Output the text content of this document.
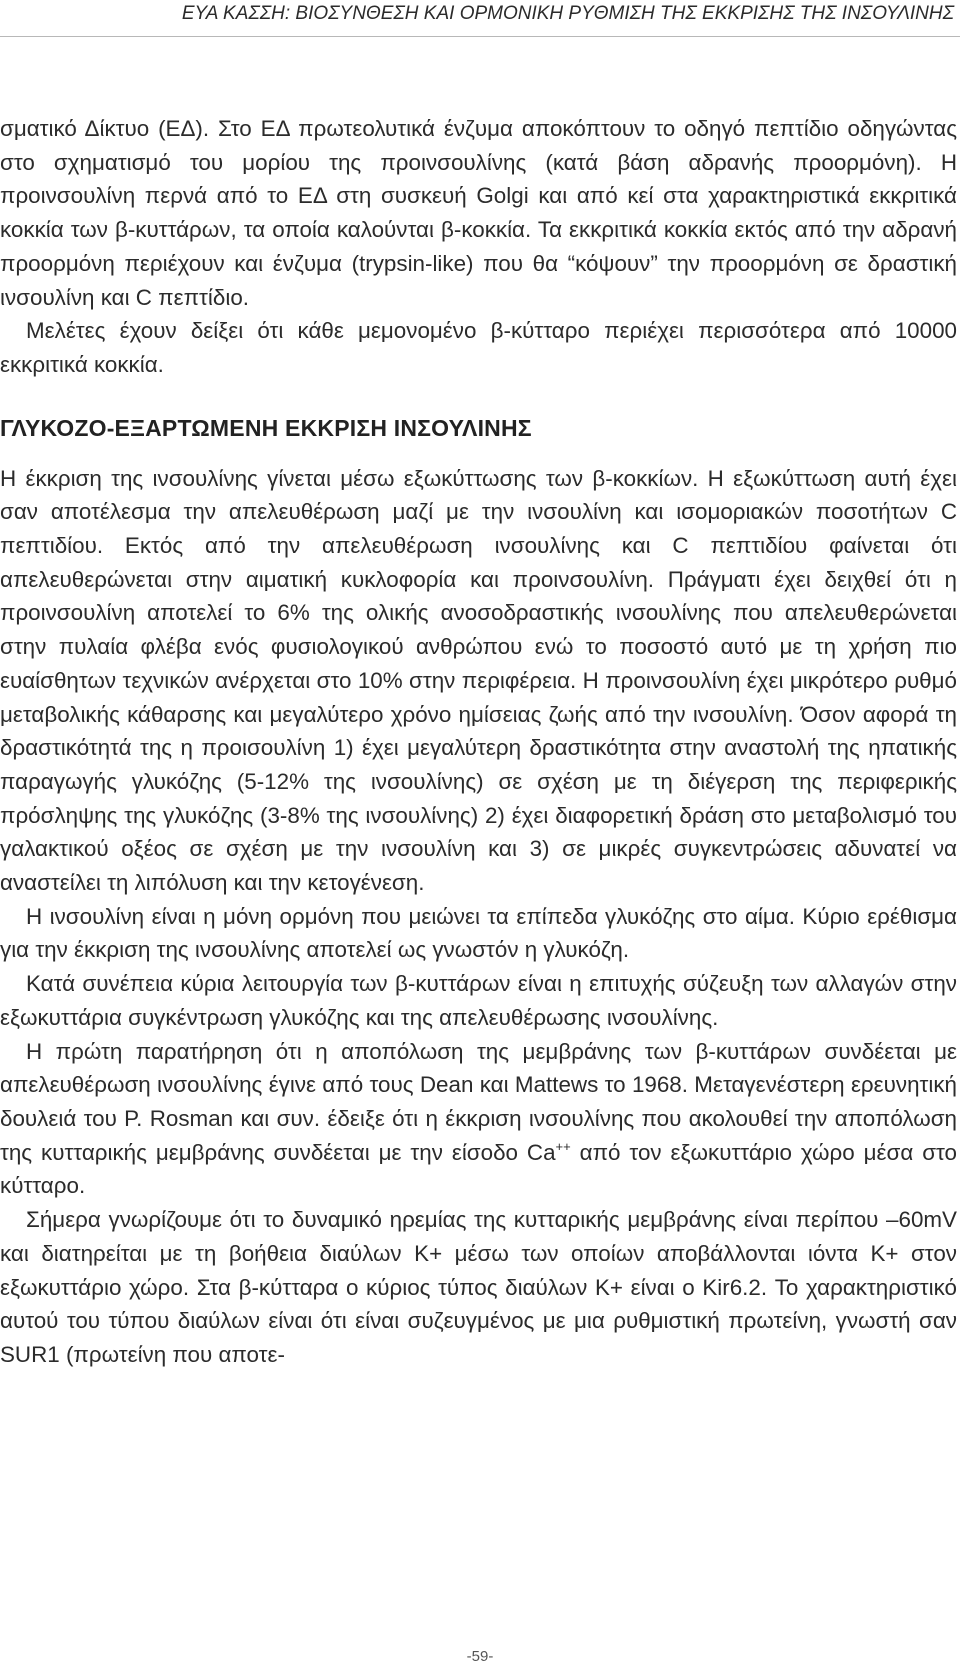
ΕΥΑ ΚΑΣΣΗ: ΒΙΟΣΥΝΘΕΣΗ ΚΑΙ ΟΡΜΟΝΙΚΗ ΡΥΘΜΙΣΗ ΤΗΣ ΕΚΚΡΙΣΗΣ ΤΗΣ ΙΝΣΟΥΛΙΝΗΣ

σματικό Δίκτυο (ΕΔ). Στο ΕΔ πρωτεολυτικά ένζυμα αποκόπτουν το οδηγό πεπτίδιο οδηγώντας στο σχηματισμό του μορίου της προινσουλίνης (κατά βάση αδρανής προορμόνη). Η προινσουλίνη περνά από το ΕΔ στη συσκευή Golgi και από κεί στα χαρακτηριστικά εκκριτικά κοκκία των β-κυττάρων, τα οποία καλούνται β-κοκκία. Τα εκκριτικά κοκκία εκτός από την αδρανή προορμόνη περιέχουν και ένζυμα (trypsin-like) που θα “κόψουν” την προορμόνη σε δραστική ινσουλίνη και C πεπτίδιο.

Μελέτες έχουν δείξει ότι κάθε μεμονομένο β-κύτταρο περιέχει περισσότερα από 10000 εκκριτικά κοκκία.

ΓΛΥΚΟΖΟ-ΕΞΑΡΤΩΜΕΝΗ ΕΚΚΡΙΣΗ ΙΝΣΟΥΛΙΝΗΣ

Η έκκριση της ινσουλίνης γίνεται μέσω εξωκύττωσης των β-κοκκίων. Η εξωκύττωση αυτή έχει σαν αποτέλεσμα την απελευθέρωση μαζί με την ινσουλίνη και ισομοριακών ποσοτήτων C πεπτιδίου. Εκτός από την απελευθέρωση ινσουλίνης και C πεπτιδίου φαίνεται ότι απελευθερώνεται στην αιματική κυκλοφορία και προινσουλίνη. Πράγματι έχει δειχθεί ότι η προινσουλίνη αποτελεί το 6% της ολικής ανοσοδραστικής ινσουλίνης που απελευθερώνεται στην πυλαία φλέβα ενός φυσιολογικού ανθρώπου ενώ το ποσοστό αυτό με τη χρήση πιο ευαίσθητων τεχνικών ανέρχεται στο 10% στην περιφέρεια. Η προινσουλίνη έχει μικρότερο ρυθμό μεταβολικής κάθαρσης και μεγαλύτερο χρόνο ημίσειας ζωής από την ινσουλίνη. Όσον αφορά τη δραστικότητά της η προισουλίνη 1) έχει μεγαλύτερη δραστικότητα στην αναστολή της ηπατικής παραγωγής γλυκόζης (5-12% της ινσουλίνης) σε σχέση με τη διέγερση της περιφερικής πρόσληψης της γλυκόζης (3-8% της ινσουλίνης) 2) έχει διαφορετική δράση στο μεταβολισμό του γαλακτικού οξέος σε σχέση με την ινσουλίνη και 3) σε μικρές συγκεντρώσεις αδυνατεί να αναστείλει τη λιπόλυση και την κετογένεση.

Η ινσουλίνη είναι η μόνη ορμόνη που μειώνει τα επίπεδα γλυκόζης στο αίμα. Κύριο ερέθισμα για την έκκριση της ινσουλίνης αποτελεί ως γνωστόν η γλυκόζη.

Κατά συνέπεια κύρια λειτουργία των β-κυττάρων είναι η επιτυχής σύζευξη των αλλαγών στην εξωκυττάρια συγκέντρωση γλυκόζης και της απελευθέρωσης ινσουλίνης.

Η πρώτη παρατήρηση ότι η αποπόλωση της μεμβράνης των β-κυττάρων συνδέεται με απελευθέρωση ινσουλίνης έγινε από τους Dean και Mattews το 1968. Μεταγενέστερη ερευνητική δουλειά του P. Rosman και συν. έδειξε ότι η έκκριση ινσουλίνης που ακολουθεί την αποπόλωση της κυτταρικής μεμβράνης συνδέεται με την είσοδο Ca++ από τον εξωκυττάριο χώρο μέσα στο κύτταρο.

Σήμερα γνωρίζουμε ότι το δυναμικό ηρεμίας της κυτταρικής μεμβράνης είναι περίπου –60mV και διατηρείται με τη βοήθεια διαύλων Κ+ μέσω των οποίων αποβάλλονται ιόντα Κ+ στον εξωκυττάριο χώρο. Στα β-κύτταρα ο κύριος τύπος διαύλων Κ+ είναι ο Kir6.2. Το χαρακτηριστικό αυτού του τύπου διαύλων είναι ότι είναι συζευγμένος με μια ρυθμιστική πρωτείνη, γνωστή σαν SUR1 (πρωτείνη που αποτε-

-59-
